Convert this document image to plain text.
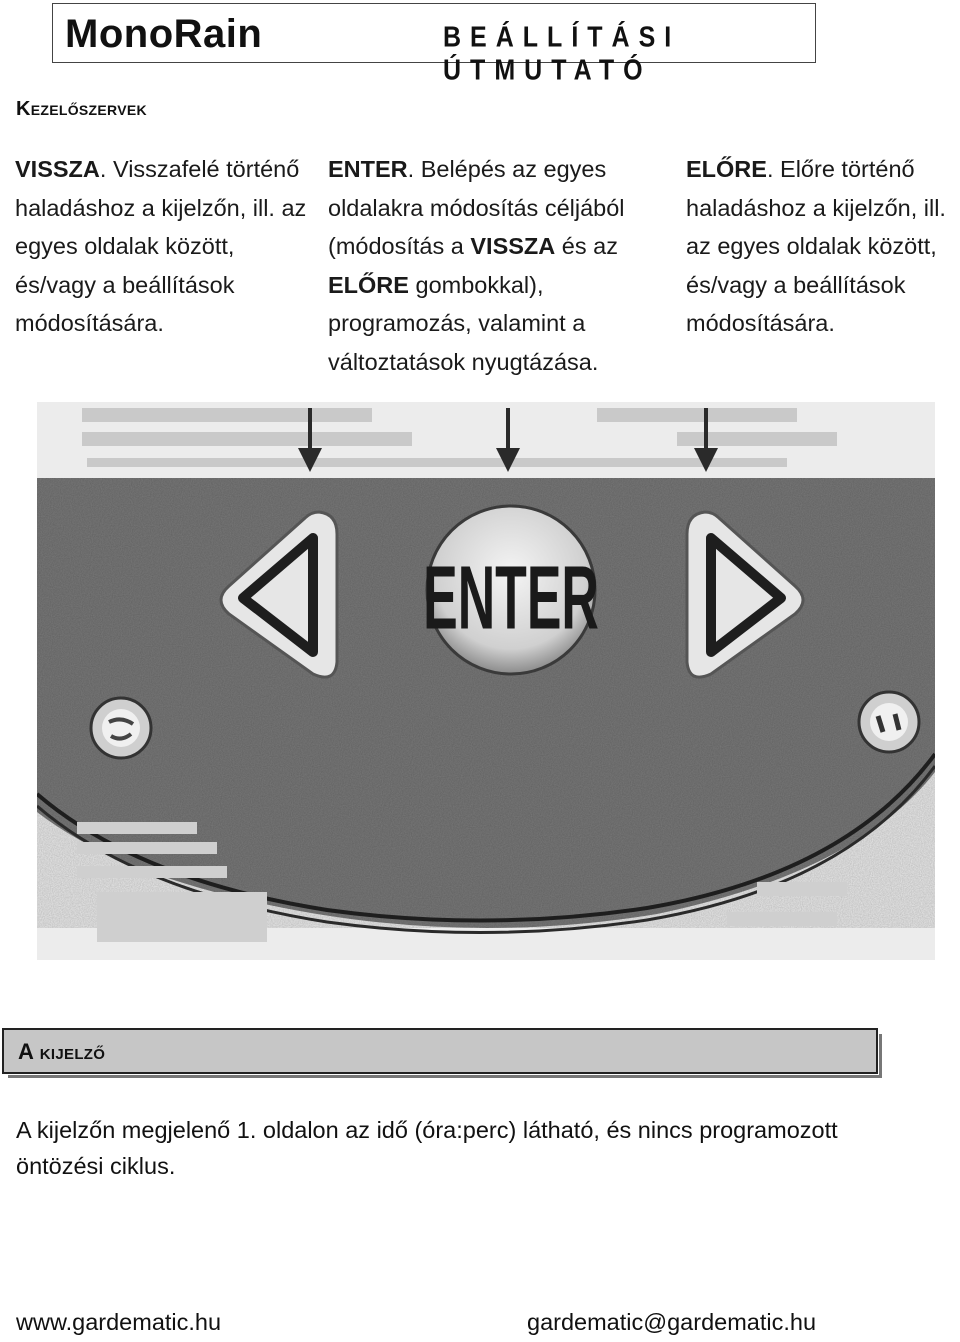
MonoRain	BEÁLLÍTÁSI ÚTMUTATÓ
Kezelőszervek
VISSZA. Visszafelé történő haladáshoz a kijelzőn, ill. az egyes oldalak között, és/vagy a beállítások módosítására.
ENTER. Belépés az egyes oldalakra módosítás céljából (módosítás a VISSZA és az ELŐRE gombokkal), programozás, valamint a változtatások nyugtázása.
ELŐRE. Előre történő haladáshoz a kijelzőn, ill. az egyes oldalak között, és/vagy a beállítások módosítására.
ENTER
A kijelző
A kijelzőn megjelenő 1. oldalon az idő (óra:perc) látható, és nincs programozott öntözési ciklus.
www.gardematic.hu	gardematic@gardematic.hu
